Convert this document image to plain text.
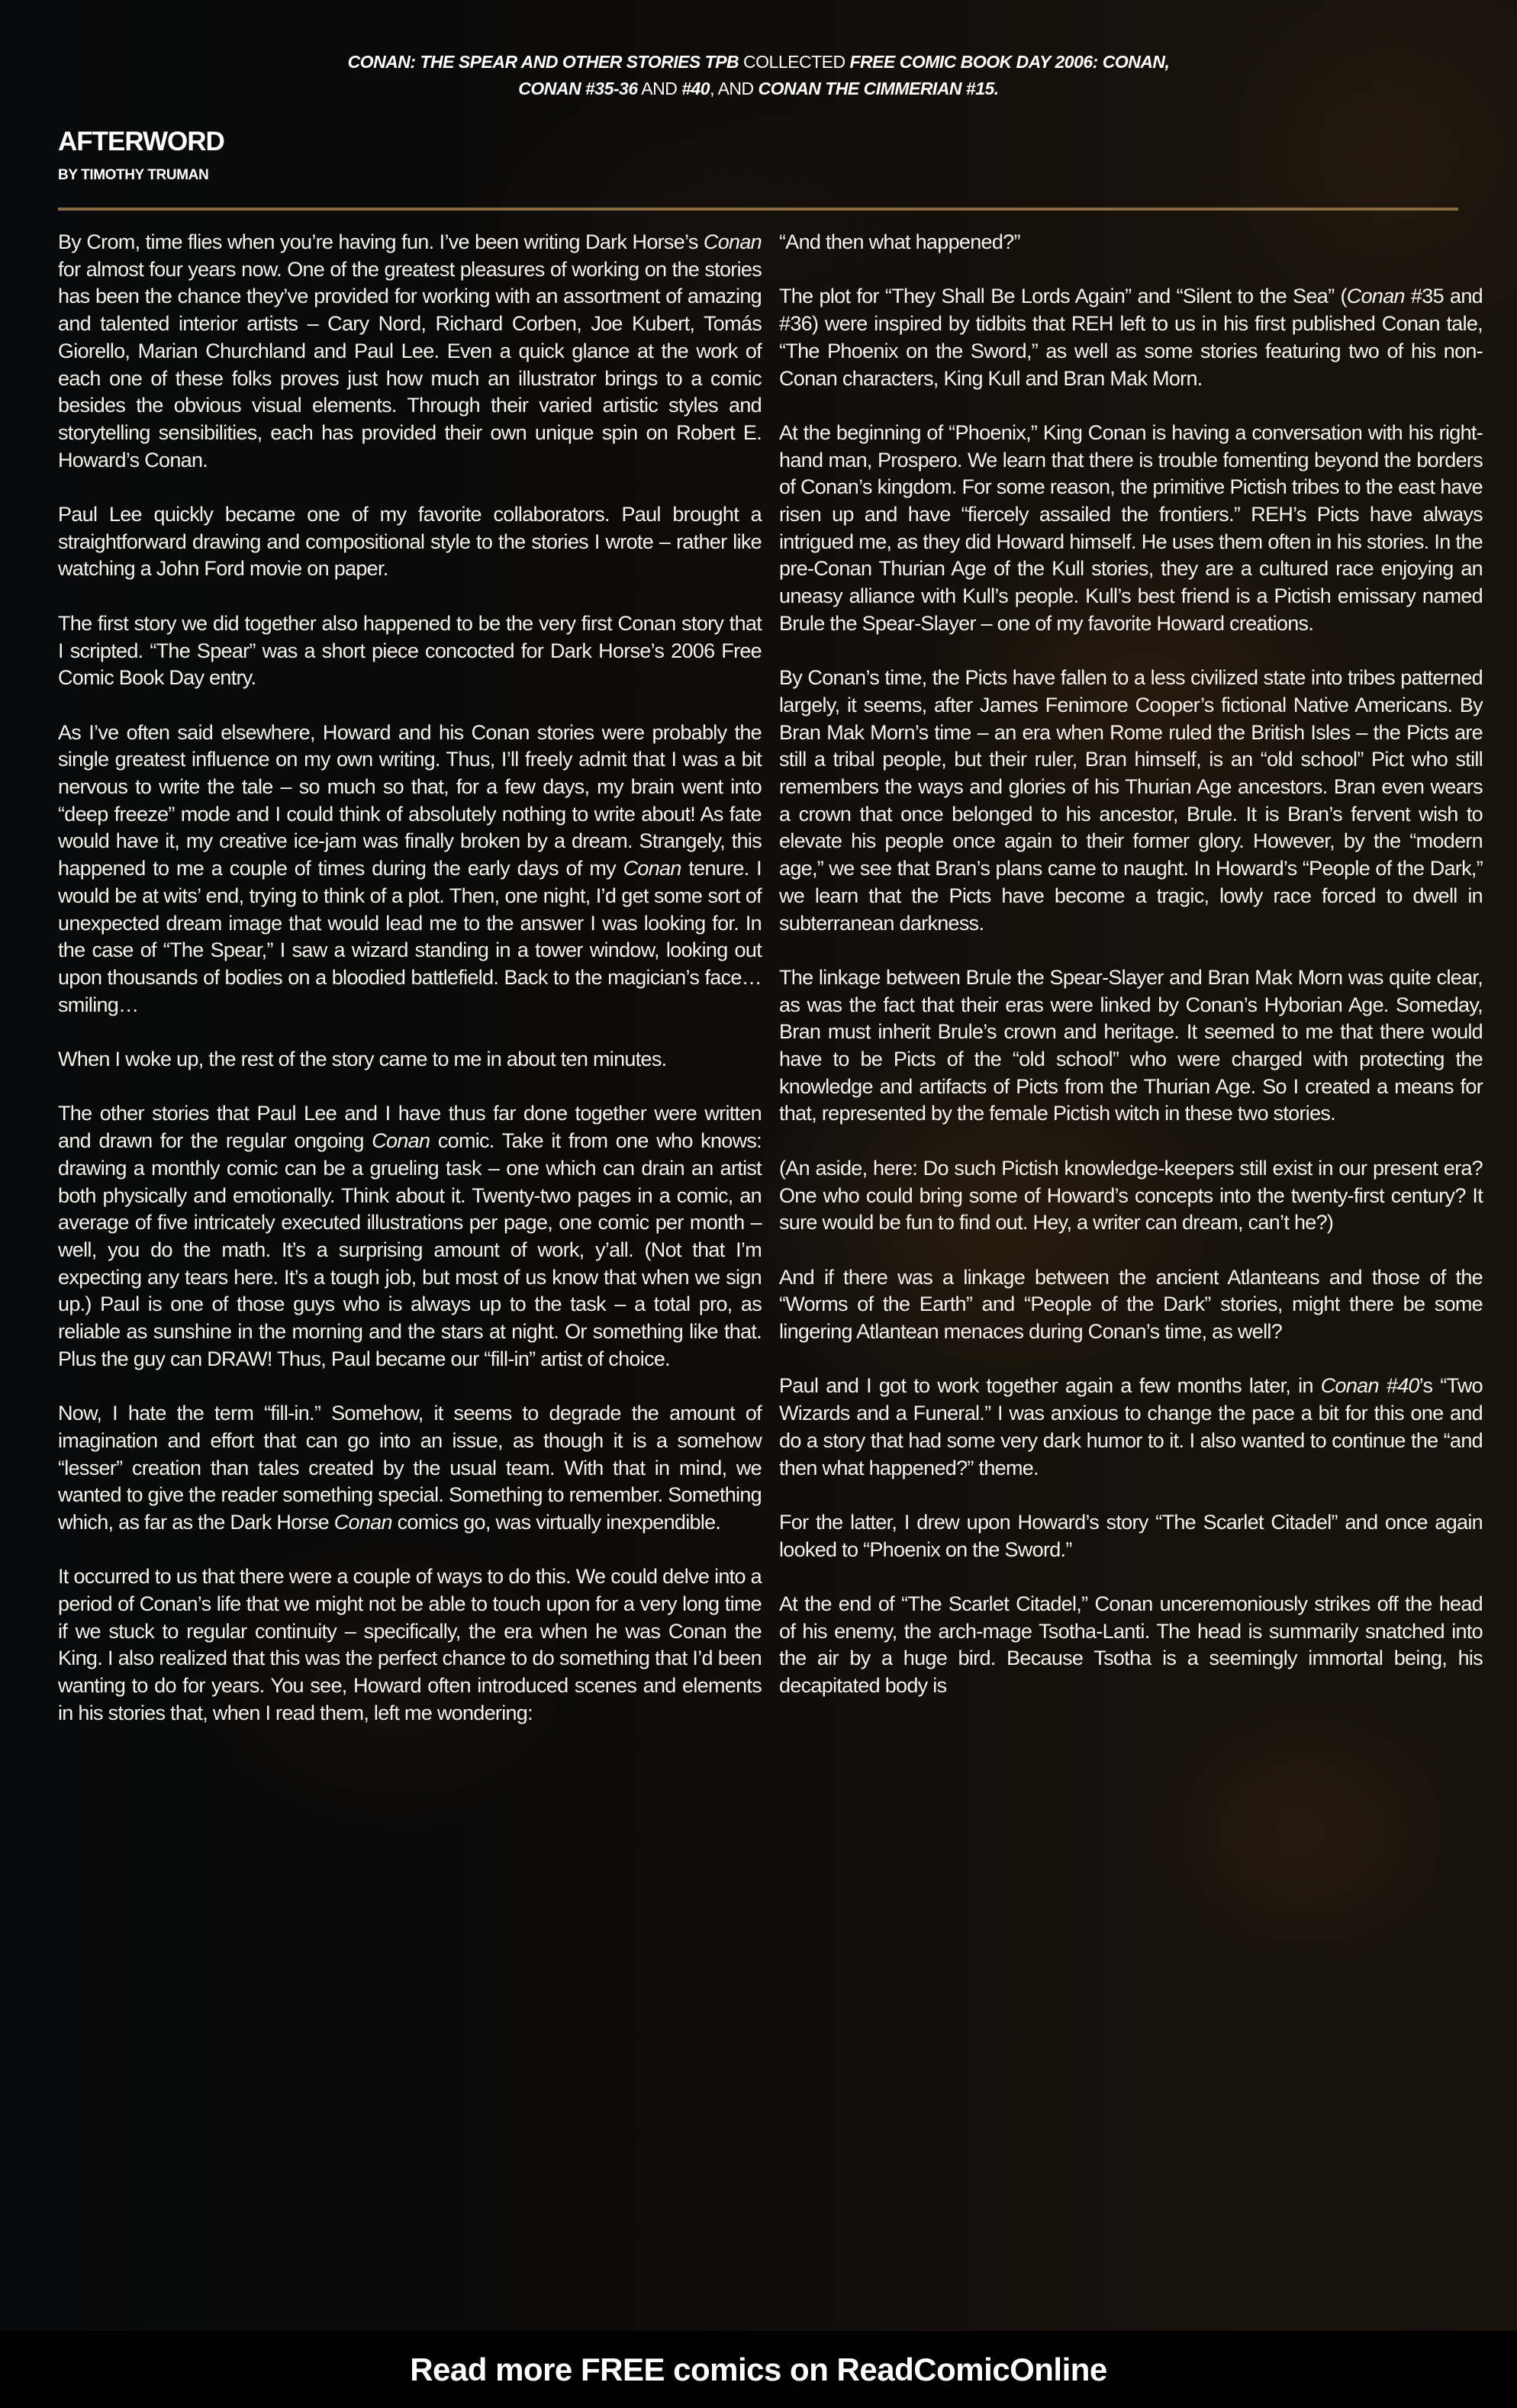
CONAN: THE SPEAR AND OTHER STORIES TPB COLLECTED FREE COMIC BOOK DAY 2006: CONAN,
CONAN #35-36 AND #40, AND CONAN THE CIMMERIAN #15.
AFTERWORD
BY TIMOTHY TRUMAN

By Crom, time flies when you’re having fun. I’ve been writing Dark Horse’s Conan for almost four years now. One of the greatest pleasures of working on the stories has been the chance they’ve provided for working with an assortment of amazing and talented interior artists – Cary Nord, Richard Corben, Joe Kubert, Tomás Giorello, Marian Churchland and Paul Lee. Even a quick glance at the work of each one of these folks proves just how much an illustrator brings to a comic besides the obvious visual elements. Through their varied artistic styles and storytelling sensibilities, each has provided their own unique spin on Robert E. Howard’s Conan.

Paul Lee quickly became one of my favorite collaborators. Paul brought a straightforward drawing and compositional style to the stories I wrote – rather like watching a John Ford movie on paper.

The first story we did together also happened to be the very first Conan story that I scripted. “The Spear” was a short piece concocted for Dark Horse’s 2006 Free Comic Book Day entry.

As I’ve often said elsewhere, Howard and his Conan stories were probably the single greatest influence on my own writing. Thus, I’ll freely admit that I was a bit nervous to write the tale – so much so that, for a few days, my brain went into “deep freeze” mode and I could think of absolutely nothing to write about! As fate would have it, my creative ice-jam was finally broken by a dream. Strangely, this happened to me a couple of times during the early days of my Conan tenure. I would be at wits’ end, trying to think of a plot. Then, one night, I’d get some sort of unexpected dream image that would lead me to the answer I was looking for. In the case of “The Spear,” I saw a wizard standing in a tower window, looking out upon thousands of bodies on a bloodied battlefield. Back to the magician’s face…smiling…

When I woke up, the rest of the story came to me in about ten minutes.

The other stories that Paul Lee and I have thus far done together were written and drawn for the regular ongoing Conan comic. Take it from one who knows: drawing a monthly comic can be a grueling task – one which can drain an artist both physically and emotionally. Think about it. Twenty-two pages in a comic, an average of five intricately executed illustrations per page, one comic per month – well, you do the math. It’s a surprising amount of work, y’all. (Not that I’m expecting any tears here. It’s a tough job, but most of us know that when we sign up.) Paul is one of those guys who is always up to the task – a total pro, as reliable as sunshine in the morning and the stars at night. Or something like that. Plus the guy can DRAW! Thus, Paul became our “fill-in” artist of choice.

Now, I hate the term “fill-in.” Somehow, it seems to degrade the amount of imagination and effort that can go into an issue, as though it is a somehow “lesser” creation than tales created by the usual team. With that in mind, we wanted to give the reader something special. Something to remember. Something which, as far as the Dark Horse Conan comics go, was virtually inexpendible.

It occurred to us that there were a couple of ways to do this. We could delve into a period of Conan’s life that we might not be able to touch upon for a very long time if we stuck to regular continuity – specifically, the era when he was Conan the King. I also realized that this was the perfect chance to do something that I’d been wanting to do for years. You see, Howard often introduced scenes and elements in his stories that, when I read them, left me wondering:

“And then what happened?”

The plot for “They Shall Be Lords Again” and “Silent to the Sea” (Conan #35 and #36) were inspired by tidbits that REH left to us in his first published Conan tale, “The Phoenix on the Sword,” as well as some stories featuring two of his non-Conan characters, King Kull and Bran Mak Morn.

At the beginning of “Phoenix,” King Conan is having a conversation with his right-hand man, Prospero. We learn that there is trouble fomenting beyond the borders of Conan’s kingdom. For some reason, the primitive Pictish tribes to the east have risen up and have “fiercely assailed the frontiers.” REH’s Picts have always intrigued me, as they did Howard himself. He uses them often in his stories. In the pre-Conan Thurian Age of the Kull stories, they are a cultured race enjoying an uneasy alliance with Kull’s people. Kull’s best friend is a Pictish emissary named Brule the Spear-Slayer – one of my favorite Howard creations.

By Conan’s time, the Picts have fallen to a less civilized state into tribes patterned largely, it seems, after James Fenimore Cooper’s fictional Native Americans. By Bran Mak Morn’s time – an era when Rome ruled the British Isles – the Picts are still a tribal people, but their ruler, Bran himself, is an “old school” Pict who still remembers the ways and glories of his Thurian Age ancestors. Bran even wears a crown that once belonged to his ancestor, Brule. It is Bran’s fervent wish to elevate his people once again to their former glory. However, by the “modern age,” we see that Bran’s plans came to naught. In Howard’s “People of the Dark,” we learn that the Picts have become a tragic, lowly race forced to dwell in subterranean darkness.

The linkage between Brule the Spear-Slayer and Bran Mak Morn was quite clear, as was the fact that their eras were linked by Conan’s Hyborian Age. Someday, Bran must inherit Brule’s crown and heritage. It seemed to me that there would have to be Picts of the “old school” who were charged with protecting the knowledge and artifacts of Picts from the Thurian Age. So I created a means for that, represented by the female Pictish witch in these two stories.

(An aside, here: Do such Pictish knowledge-keepers still exist in our present era? One who could bring some of Howard’s concepts into the twenty-first century? It sure would be fun to find out. Hey, a writer can dream, can’t he?)

And if there was a linkage between the ancient Atlanteans and those of the “Worms of the Earth” and “People of the Dark” stories, might there be some lingering Atlantean menaces during Conan’s time, as well?

Paul and I got to work together again a few months later, in Conan #40’s “Two Wizards and a Funeral.” I was anxious to change the pace a bit for this one and do a story that had some very dark humor to it. I also wanted to continue the “and then what happened?” theme.

For the latter, I drew upon Howard’s story “The Scarlet Citadel” and once again looked to “Phoenix on the Sword.”

At the end of “The Scarlet Citadel,” Conan unceremoniously strikes off the head of his enemy, the arch-mage Tsotha-Lanti. The head is summarily snatched into the air by a huge bird. Because Tsotha is a seemingly immortal being, his decapitated body is

Read more FREE comics on ReadComicOnline
